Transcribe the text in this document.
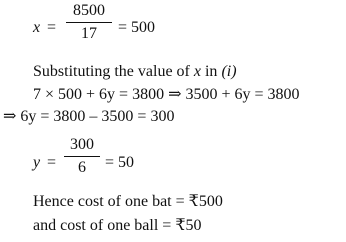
x =
8500
17	= 500
Substituting the value of x in (i)
7 × 500 + 6y = 3800 ⇒ 3500 + 6y = 3800
⇒ 6y = 3800 – 3500 = 300
y =
300
6	= 50
Hence cost of one bat = ₹500
and cost of one ball = ₹50
